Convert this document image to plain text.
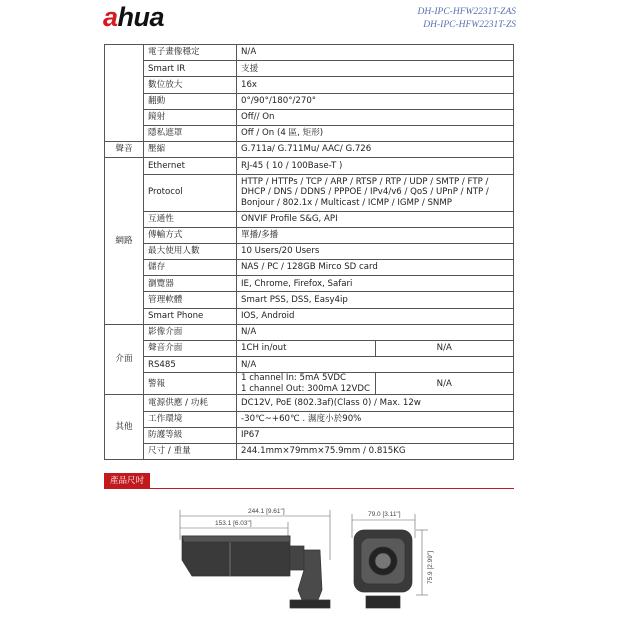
ahua	DH-IPC-HFW2231T-ZAS
DH-IPC-HFW2231T-ZS
	電子畫像穩定	N/A	
	Smart IR	支援	
	數位放大	16x	
	翻動	0°/90°/180°/270°	
	鏡射	Off// On	
	隱私遮罩	Off / On (4 區, 矩形)	
聲音	壓縮	G.711a/ G.711Mu/ AAC/ G.726	
網路	Ethernet	RJ-45 ( 10 / 100Base-T )	
	Protocol	HTTP / HTTPs / TCP / ARP / RTSP / RTP / UDP / SMTP / FTP / DHCP / DNS / DDNS / PPPOE / IPv4/v6 / QoS / UPnP / NTP / Bonjour / 802.1x / Multicast / ICMP / IGMP / SNMP	
	互通性	ONVIF Profile S&G, API	
	傳輸方式	單播/多播	
	最大使用人數	10 Users/20 Users	
	儲存	NAS / PC / 128GB Mirco SD card	
	瀏覽器	IE, Chrome, Firefox, Safari	
	管理軟體	Smart PSS, DSS, Easy4ip	
	Smart Phone	IOS, Android	
介面	影像介面	N/A	
	聲音介面	1CH in/out	N/A
	RS485	N/A	
	警報	1 channel In: 5mA 5VDC
1 channel Out: 300mA 12VDC	N/A
其他	電源供應 / 功耗	DC12V, PoE (802.3af)(Class 0) / Max. 12w	
	工作環境	-30℃~+60℃ . 濕度小於90%	
	防護等級	IP67	
	尺寸 / 重量	244.1mm×79mm×75.9mm / 0.815KG	
產品尺吋
244.1 [9.61"]
153.1 [6.03"]
79.0 [3.11"]
75.9 [2.99"]
